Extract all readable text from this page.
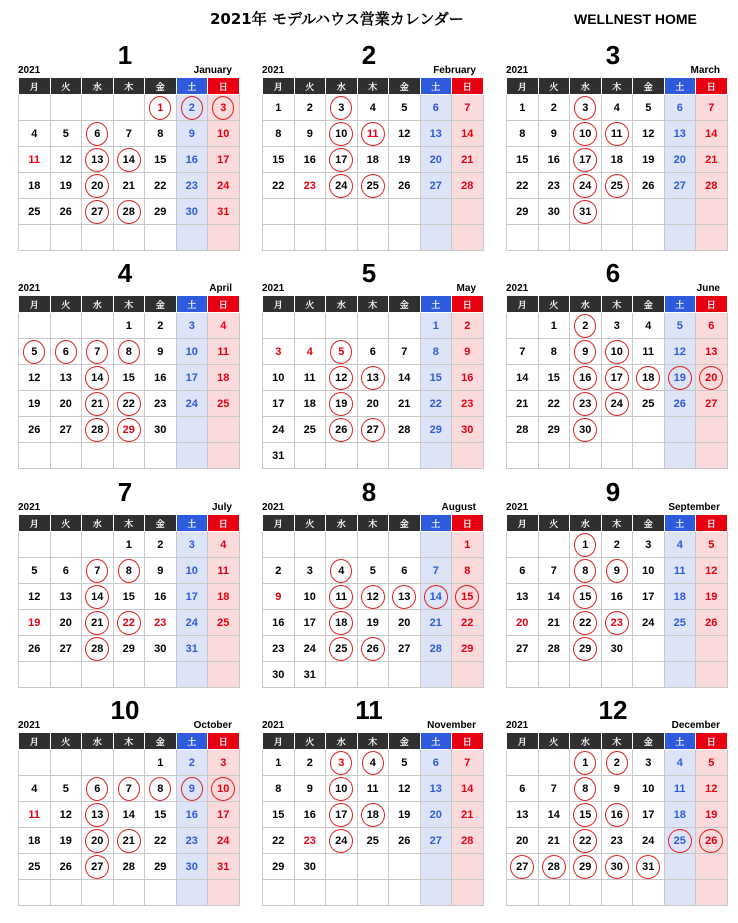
2021年 モデルハウス営業カレンダー	WELLNEST HOME
2021
1
January
月	火	水	木	金	土	日
				1	2	3
4	5	6	7	8	9	10
11	12	13	14	15	16	17
18	19	20	21	22	23	24
25	26	27	28	29	30	31

2021
2
February
月	火	水	木	金	土	日
1	2	3	4	5	6	7
8	9	10	11	12	13	14
15	16	17	18	19	20	21
22	23	24	25	26	27	28

2021
3
March
月	火	水	木	金	土	日
1	2	3	4	5	6	7
8	9	10	11	12	13	14
15	16	17	18	19	20	21
22	23	24	25	26	27	28
29	30	31				

2021
4
April
月	火	水	木	金	土	日
			1	2	3	4
5	6	7	8	9	10	11
12	13	14	15	16	17	18
19	20	21	22	23	24	25
26	27	28	29	30		

2021
5
May
月	火	水	木	金	土	日
					1	2
3	4	5	6	7	8	9
10	11	12	13	14	15	16
17	18	19	20	21	22	23
24	25	26	27	28	29	30
31						
2021
6
June
月	火	水	木	金	土	日
	1	2	3	4	5	6
7	8	9	10	11	12	13
14	15	16	17	18	19	20
21	22	23	24	25	26	27
28	29	30				

2021
7
July
月	火	水	木	金	土	日
			1	2	3	4
5	6	7	8	9	10	11
12	13	14	15	16	17	18
19	20	21	22	23	24	25
26	27	28	29	30	31	

2021
8
August
月	火	水	木	金	土	日
						1
2	3	4	5	6	7	8
9	10	11	12	13	14	15
16	17	18	19	20	21	22
23	24	25	26	27	28	29
30	31					
2021
9
September
月	火	水	木	金	土	日
		1	2	3	4	5
6	7	8	9	10	11	12
13	14	15	16	17	18	19
20	21	22	23	24	25	26
27	28	29	30			

2021
10
October
月	火	水	木	金	土	日
				1	2	3
4	5	6	7	8	9	10
11	12	13	14	15	16	17
18	19	20	21	22	23	24
25	26	27	28	29	30	31

2021
11
November
月	火	水	木	金	土	日
1	2	3	4	5	6	7
8	9	10	11	12	13	14
15	16	17	18	19	20	21
22	23	24	25	26	27	28
29	30					

2021
12
December
月	火	水	木	金	土	日
		1	2	3	4	5
6	7	8	9	10	11	12
13	14	15	16	17	18	19
20	21	22	23	24	25	26
27	28	29	30	31		
